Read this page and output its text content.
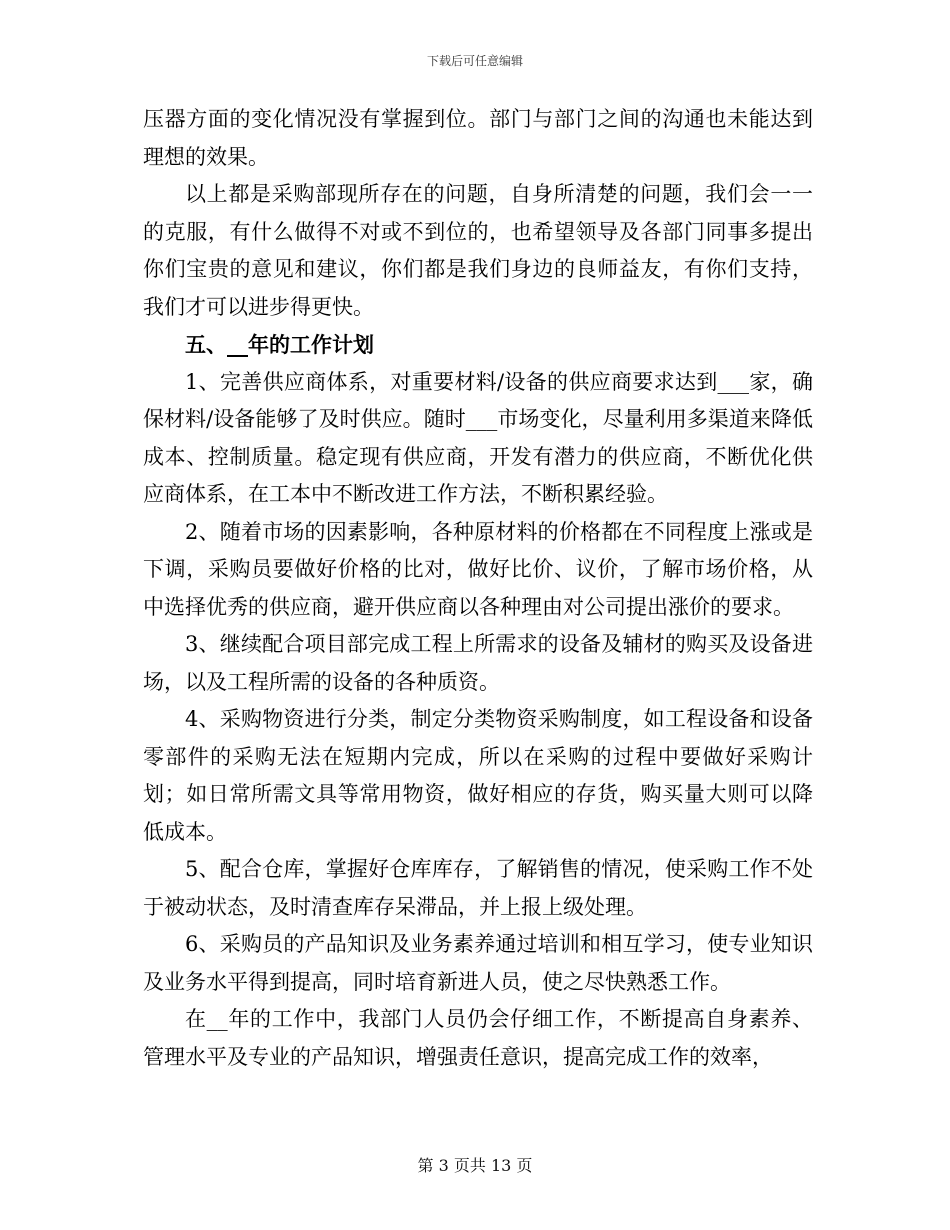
下载后可任意编辑

压器方面的变化情况没有掌握到位。部门与部门之间的沟通也未能达到理想的效果。

以上都是采购部现所存在的问题，自身所清楚的问题，我们会一一的克服，有什么做得不对或不到位的，也希望领导及各部门同事多提出你们宝贵的意见和建议，你们都是我们身边的良师益友，有你们支持，我们才可以进步得更快。

五、__年的工作计划

1、完善供应商体系，对重要材料/设备的供应商要求达到___家，确保材料/设备能够了及时供应。随时___市场变化，尽量利用多渠道来降低成本、控制质量。稳定现有供应商，开发有潜力的供应商，不断优化供应商体系，在工本中不断改进工作方法，不断积累经验。

2、随着市场的因素影响，各种原材料的价格都在不同程度上涨或是下调，采购员要做好价格的比对，做好比价、议价，了解市场价格，从中选择优秀的供应商，避开供应商以各种理由对公司提出涨价的要求。

3、继续配合项目部完成工程上所需求的设备及辅材的购买及设备进场，以及工程所需的设备的各种质资。

4、采购物资进行分类，制定分类物资采购制度，如工程设备和设备零部件的采购无法在短期内完成，所以在采购的过程中要做好采购计划；如日常所需文具等常用物资，做好相应的存货，购买量大则可以降低成本。

5、配合仓库，掌握好仓库库存，了解销售的情况，使采购工作不处于被动状态，及时清查库存呆滞品，并上报上级处理。

6、采购员的产品知识及业务素养通过培训和相互学习，使专业知识及业务水平得到提高，同时培育新进人员，使之尽快熟悉工作。

在__年的工作中，我部门人员仍会仔细工作，不断提高自身素养、管理水平及专业的产品知识，增强责任意识，提高完成工作的效率，

第 3 页共 13 页
